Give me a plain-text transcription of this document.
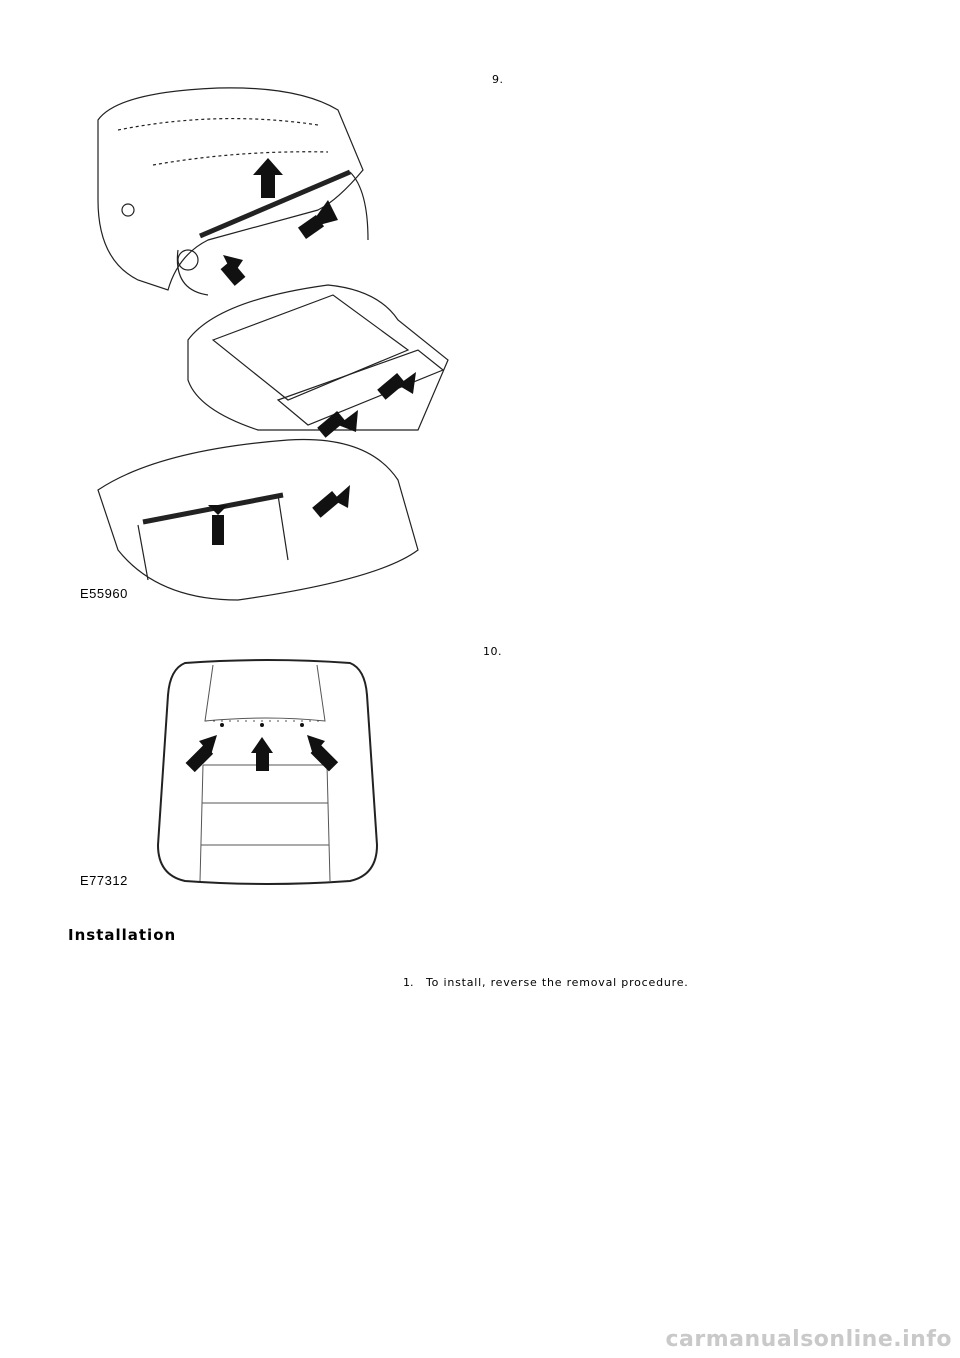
9.
E55960
10.
E77312
Installation
1. To install, reverse the removal procedure.
carmanualsonline.info
